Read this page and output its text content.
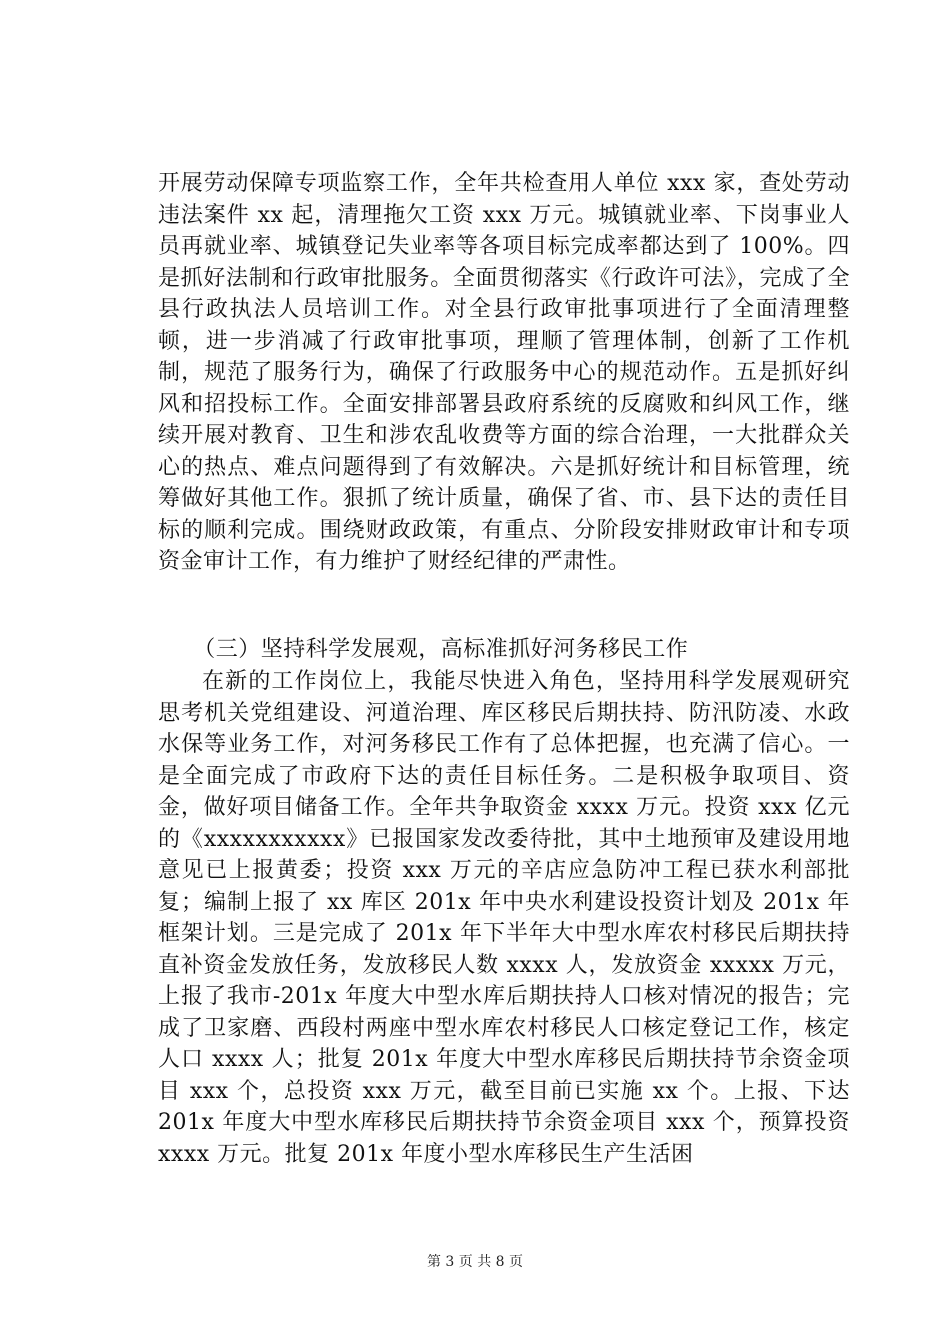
开展劳动保障专项监察工作，全年共检查用人单位 xxx 家，查处劳动违法案件 xx 起，清理拖欠工资 xxx 万元。城镇就业率、下岗事业人员再就业率、城镇登记失业率等各项目标完成率都达到了 100%。四是抓好法制和行政审批服务。全面贯彻落实《行政许可法》，完成了全县行政执法人员培训工作。对全县行政审批事项进行了全面清理整顿，进一步消减了行政审批事项，理顺了管理体制，创新了工作机制，规范了服务行为，确保了行政服务中心的规范动作。五是抓好纠风和招投标工作。全面安排部署县政府系统的反腐败和纠风工作，继续开展对教育、卫生和涉农乱收费等方面的综合治理，一大批群众关心的热点、难点问题得到了有效解决。六是抓好统计和目标管理，统筹做好其他工作。狠抓了统计质量，确保了省、市、县下达的责任目标的顺利完成。围绕财政政策，有重点、分阶段安排财政审计和专项资金审计工作，有力维护了财经纪律的严肃性。

（三）坚持科学发展观，高标准抓好河务移民工作

在新的工作岗位上，我能尽快进入角色，坚持用科学发展观研究思考机关党组建设、河道治理、库区移民后期扶持、防汛防凌、水政水保等业务工作，对河务移民工作有了总体把握，也充满了信心。一是全面完成了市政府下达的责任目标任务。二是积极争取项目、资金，做好项目储备工作。全年共争取资金 xxxx 万元。投资 xxx 亿元的《xxxxxxxxxxx》已报国家发改委待批，其中土地预审及建设用地意见已上报黄委；投资 xxx 万元的辛店应急防冲工程已获水利部批复；编制上报了 xx 库区 201x 年中央水利建设投资计划及 201x 年框架计划。三是完成了 201x 年下半年大中型水库农村移民后期扶持直补资金发放任务，发放移民人数 xxxx 人，发放资金 xxxxx 万元，上报了我市-201x 年度大中型水库后期扶持人口核对情况的报告；完成了卫家磨、西段村两座中型水库农村移民人口核定登记工作，核定人口 xxxx 人；批复 201x 年度大中型水库移民后期扶持节余资金项目 xxx 个，总投资 xxx 万元，截至目前已实施 xx 个。上报、下达 201x 年度大中型水库移民后期扶持节余资金项目 xxx 个，预算投资 xxxx 万元。批复 201x 年度小型水库移民生产生活困

第 3 页 共 8 页
